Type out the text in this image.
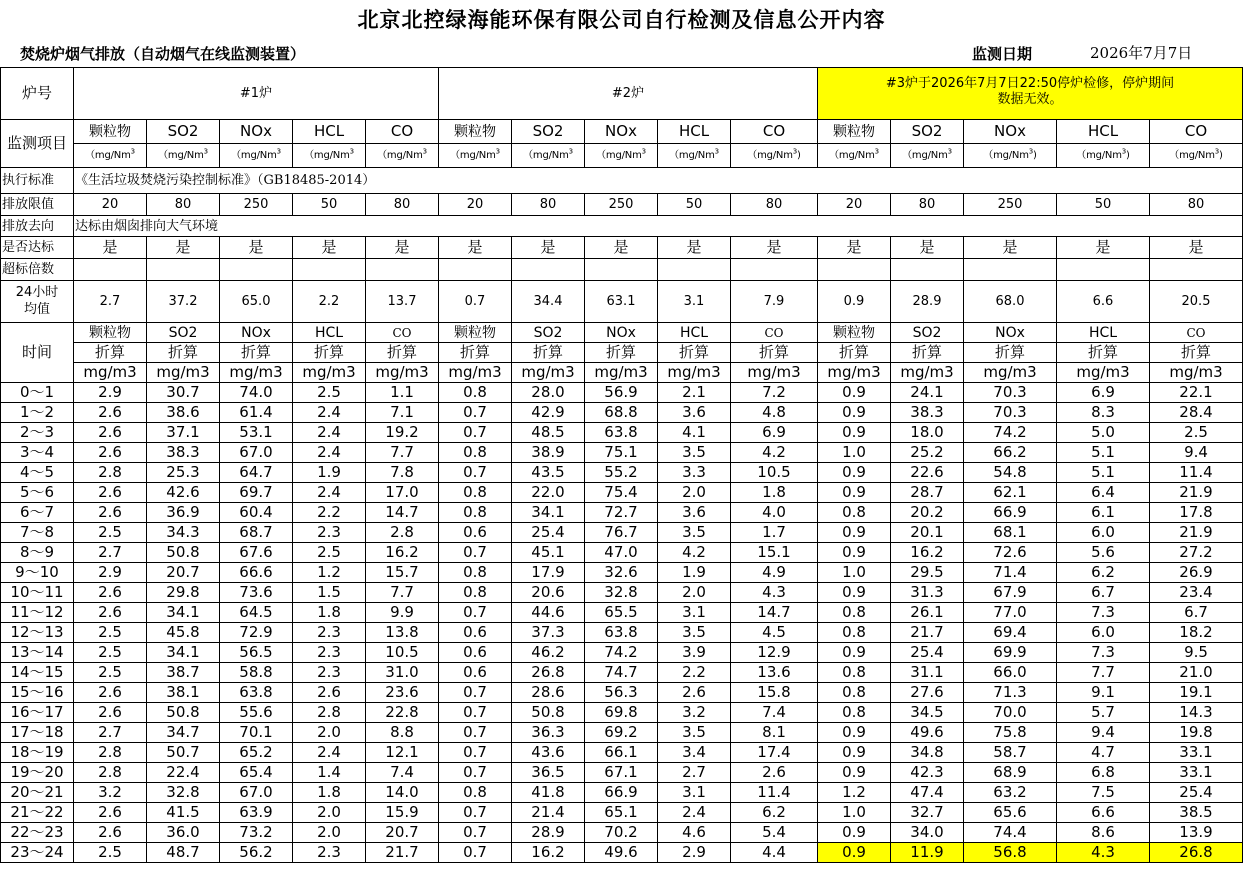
北京北控绿海能环保有限公司自行检测及信息公开内容
焚烧炉烟气排放（自动烟气在线监测装置）	监测日期	2026年7月7日
炉号	#1炉					#2炉					#3炉于2026年7月7日22:50停炉检修，停炉期间数据无效。				
监测项目	颗粒物	SO2	NOx	HCL	CO	颗粒物	SO2	NOx	HCL	CO	颗粒物	SO2	NOx	HCL	CO
	（mg/Nm$^3$	（mg/Nm$^3$	（mg/Nm$^3$	（mg/Nm$^3$	（mg/Nm$^3$	（mg/Nm$^3$	（mg/Nm$^3$	（mg/Nm$^3$	（mg/Nm$^3$	（mg/Nm$^3$)	（mg/Nm$^3$	（mg/Nm$^3$	（mg/Nm$^3$)	（mg/Nm$^3$)	（mg/Nm$^3$)
执行标准	《生活垃圾焚烧污染控制标准》（GB18485-2014）														
排放限值	20	80	250	50	80	20	80	250	50	80	20	80	250	50	80
排放去向	达标由烟囱排向大气环境														
是否达标	是	是	是	是	是	是	是	是	是	是	是	是	是	是	是
超标倍数															
24小时均值	2.7	37.2	65.0	2.2	13.7	0.7	34.4	63.1	3.1	7.9	0.9	28.9	68.0	6.6	20.5
时间	颗粒物	SO2	NOx	HCL	CO	颗粒物	SO2	NOx	HCL	CO	颗粒物	SO2	NOx	HCL	CO
	折算	折算	折算	折算	折算	折算	折算	折算	折算	折算	折算	折算	折算	折算	折算
	mg/m3	mg/m3	mg/m3	mg/m3	mg/m3	mg/m3	mg/m3	mg/m3	mg/m3	mg/m3	mg/m3	mg/m3	mg/m3	mg/m3	mg/m3
0～1	2.9	30.7	74.0	2.5	1.1	0.8	28.0	56.9	2.1	7.2	0.9	24.1	70.3	6.9	22.1
1～2	2.6	38.6	61.4	2.4	7.1	0.7	42.9	68.8	3.6	4.8	0.9	38.3	70.3	8.3	28.4
2～3	2.6	37.1	53.1	2.4	19.2	0.7	48.5	63.8	4.1	6.9	0.9	18.0	74.2	5.0	2.5
3～4	2.6	38.3	67.0	2.4	7.7	0.8	38.9	75.1	3.5	4.2	1.0	25.2	66.2	5.1	9.4
4～5	2.8	25.3	64.7	1.9	7.8	0.7	43.5	55.2	3.3	10.5	0.9	22.6	54.8	5.1	11.4
5～6	2.6	42.6	69.7	2.4	17.0	0.8	22.0	75.4	2.0	1.8	0.9	28.7	62.1	6.4	21.9
6～7	2.6	36.9	60.4	2.2	14.7	0.8	34.1	72.7	3.6	4.0	0.8	20.2	66.9	6.1	17.8
7～8	2.5	34.3	68.7	2.3	2.8	0.6	25.4	76.7	3.5	1.7	0.9	20.1	68.1	6.0	21.9
8～9	2.7	50.8	67.6	2.5	16.2	0.7	45.1	47.0	4.2	15.1	0.9	16.2	72.6	5.6	27.2
9～10	2.9	20.7	66.6	1.2	15.7	0.8	17.9	32.6	1.9	4.9	1.0	29.5	71.4	6.2	26.9
10～11	2.6	29.8	73.6	1.5	7.7	0.8	20.6	32.8	2.0	4.3	0.9	31.3	67.9	6.7	23.4
11～12	2.6	34.1	64.5	1.8	9.9	0.7	44.6	65.5	3.1	14.7	0.8	26.1	77.0	7.3	6.7
12～13	2.5	45.8	72.9	2.3	13.8	0.6	37.3	63.8	3.5	4.5	0.8	21.7	69.4	6.0	18.2
13～14	2.5	34.1	56.5	2.3	10.5	0.6	46.2	74.2	3.9	12.9	0.9	25.4	69.9	7.3	9.5
14～15	2.5	38.7	58.8	2.3	31.0	0.6	26.8	74.7	2.2	13.6	0.8	31.1	66.0	7.7	21.0
15～16	2.6	38.1	63.8	2.6	23.6	0.7	28.6	56.3	2.6	15.8	0.8	27.6	71.3	9.1	19.1
16～17	2.6	50.8	55.6	2.8	22.8	0.7	50.8	69.8	3.2	7.4	0.8	34.5	70.0	5.7	14.3
17～18	2.7	34.7	70.1	2.0	8.8	0.7	36.3	69.2	3.5	8.1	0.9	49.6	75.8	9.4	19.8
18～19	2.8	50.7	65.2	2.4	12.1	0.7	43.6	66.1	3.4	17.4	0.9	34.8	58.7	4.7	33.1
19～20	2.8	22.4	65.4	1.4	7.4	0.7	36.5	67.1	2.7	2.6	0.9	42.3	68.9	6.8	33.1
20～21	3.2	32.8	67.0	1.8	14.0	0.8	41.8	66.9	3.1	11.4	1.2	47.4	63.2	7.5	25.4
21～22	2.6	41.5	63.9	2.0	15.9	0.7	21.4	65.1	2.4	6.2	1.0	32.7	65.6	6.6	38.5
22～23	2.6	36.0	73.2	2.0	20.7	0.7	28.9	70.2	4.6	5.4	0.9	34.0	74.4	8.6	13.9
23～24	2.5	48.7	56.2	2.3	21.7	0.7	16.2	49.6	2.9	4.4	0.9	11.9	56.8	4.3	26.8
